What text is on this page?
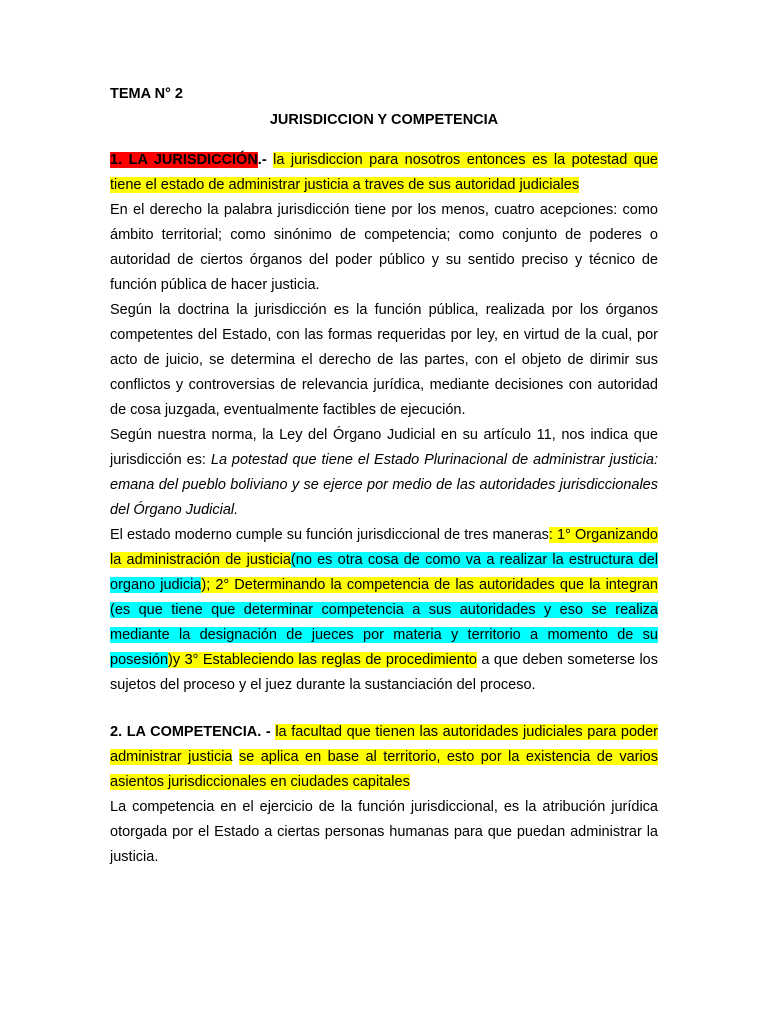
TEMA N° 2

JURISDICCION Y COMPETENCIA

1. LA JURISDICCIÓN.- la jurisdiccion para nosotros entonces es la potestad que tiene el estado de administrar justicia a traves de sus autoridad judiciales

En el derecho la palabra jurisdicción tiene por los menos, cuatro acepciones: como ámbito territorial; como sinónimo de competencia; como conjunto de poderes o autoridad de ciertos órganos del poder público y su sentido preciso y técnico de función pública de hacer justicia.

Según la doctrina la jurisdicción es la función pública, realizada por los órganos competentes del Estado, con las formas requeridas por ley, en virtud de la cual, por acto de juicio, se determina el derecho de las partes, con el objeto de dirimir sus conflictos y controversias de relevancia jurídica, mediante decisiones con autoridad de cosa juzgada, eventualmente factibles de ejecución.

Según nuestra norma, la Ley del Órgano Judicial en su artículo 11, nos indica que jurisdicción es: La potestad que tiene el Estado Plurinacional de administrar justicia: emana del pueblo boliviano y se ejerce por medio de las autoridades jurisdiccionales del Órgano Judicial.

El estado moderno cumple su función jurisdiccional de tres maneras: 1° Organizando la administración de justicia(no es otra cosa de como va a realizar la estructura del organo judicia); 2° Determinando la competencia de las autoridades que la integran (es que tiene que determinar competencia a sus autoridades y eso se realiza mediante la designación de jueces por materia y territorio a momento de su posesión)y 3° Estableciendo las reglas de procedimiento a que deben someterse los sujetos del proceso y el juez durante la sustanciación del proceso.

2. LA COMPETENCIA. - la facultad que tienen las autoridades judiciales para poder administrar justicia se aplica en base al territorio, esto por la existencia de varios asientos jurisdiccionales en ciudades capitales

La competencia en el ejercicio de la función jurisdiccional, es la atribución jurídica otorgada por el Estado a ciertas personas humanas para que puedan administrar la justicia.
